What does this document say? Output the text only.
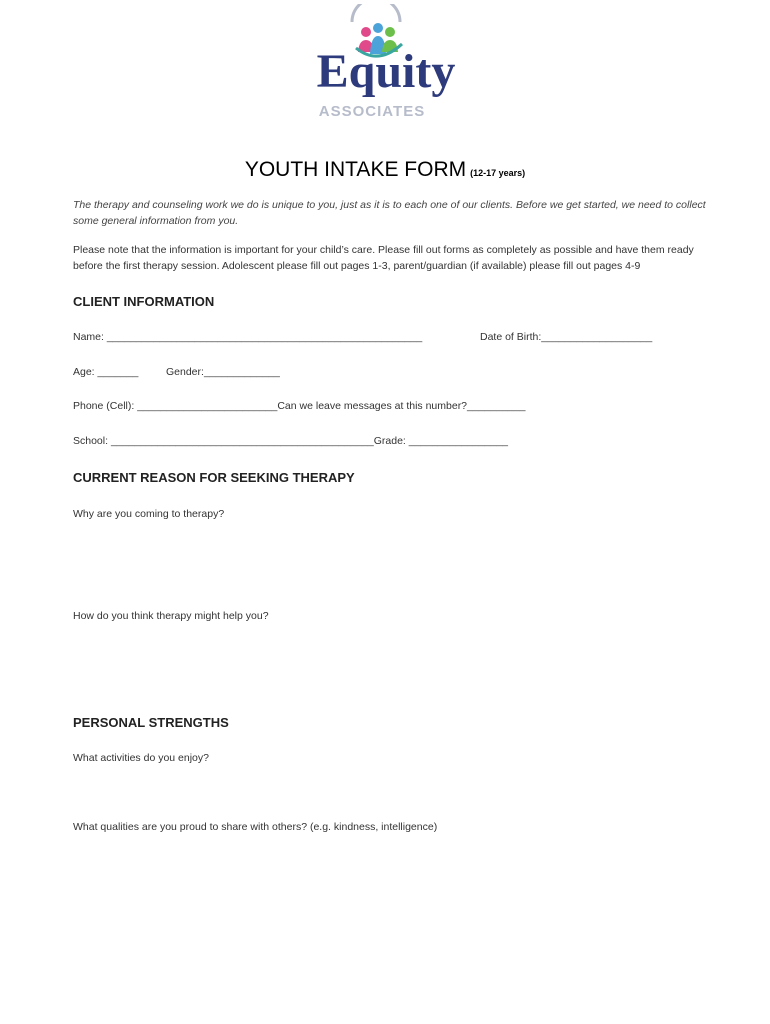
Equity
ASSOCIATES
YOUTH INTAKE FORM (12-17 years)
The therapy and counseling work we do is unique to you, just as it is to each one of our clients. Before we get started, we need to collect some general information from you.
Please note that the information is important for your child’s care. Please fill out forms as completely as possible and have them ready before the first therapy session. Adolescent please fill out pages 1-3, parent/guardian (if available) please fill out pages 4-9
CLIENT INFORMATION
Name: ______________________________________________________	Date of Birth:___________________
Age: _______	Gender:_____________
Phone (Cell): ________________________Can we leave messages at this number?__________
School: _____________________________________________Grade: _________________
CURRENT REASON FOR SEEKING THERAPY
Why are you coming to therapy?
How do you think therapy might help you?
PERSONAL STRENGTHS
What activities do you enjoy?
What qualities are you proud to share with others? (e.g. kindness, intelligence)
